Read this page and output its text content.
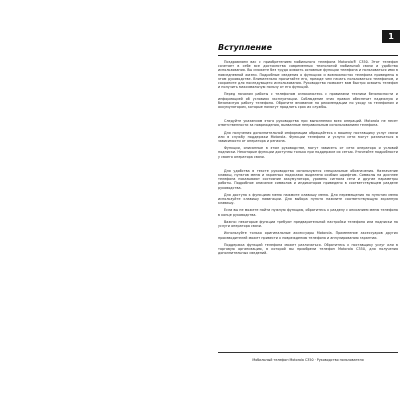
1
Вступление

Поздравляем вас с приобретением мобильного телефона Motorola® C350. Этот телефон сочетает в себе все достоинства современных технологий мобильной связи и удобство использования. Вы сможете без труда освоить основные функции телефона и пользоваться ими в повседневной жизни. Подробные сведения о функциях и возможностях телефона приведены в этом руководстве. Внимательно прочитайте его, прежде чем начать пользоваться телефоном, и сохраните для последующего использования. Руководство поможет вам быстро освоить телефон и получить максимальную пользу от его функций.

Перед началом работы с телефоном ознакомьтесь с правилами техники безопасности и информацией об условиях эксплуатации. Соблюдение этих правил обеспечит надежную и безопасную работу телефона. Обратите внимание на рекомендации по уходу за телефоном и аккумулятором, которые помогут продлить срок их службы.

Следуйте указаниям этого руководства при выполнении всех операций. Motorola не несет ответственности за повреждения, вызванные неправильным использованием телефона.

Для получения дополнительной информации обращайтесь к вашему поставщику услуг связи или в службу поддержки Motorola. Функции телефона и услуги сети могут различаться в зависимости от оператора и региона.

Функции, описанные в этом руководстве, могут зависеть от сети оператора и условий подписки. Некоторые функции доступны только при поддержке их сетью. Уточняйте подробности у своего оператора связи.

Для удобства в тексте руководства используются специальные обозначения. Назначение клавиш, пунктов меню и экранных подсказок выделено особым шрифтом. Символы на дисплее телефона показывают состояние аккумулятора, уровень сигнала сети и другие параметры работы. Подробное описание символов и индикаторов приведено в соответствующем разделе руководства.

Для доступа к функциям меню нажмите клавишу меню. Для перемещения по пунктам меню используйте клавишу навигации. Для выбора пункта нажмите соответствующую экранную клавишу.

Если вы не можете найти нужную функцию, обратитесь к разделу с описанием меню телефона в конце руководства.

Важно: некоторые функции требуют предварительной настройки телефона или подписки на услуги оператора связи.

Используйте только оригинальные аксессуары Motorola. Применение аксессуаров других производителей может привести к повреждению телефона и аннулированию гарантии.

Поддержка функций телефона может различаться. Обратитесь к поставщику услуг или в торговую организацию, в которой вы приобрели телефон Motorola C350, для получения дополнительных сведений.

Мобильный телефон Motorola C350 · Руководство пользователя
